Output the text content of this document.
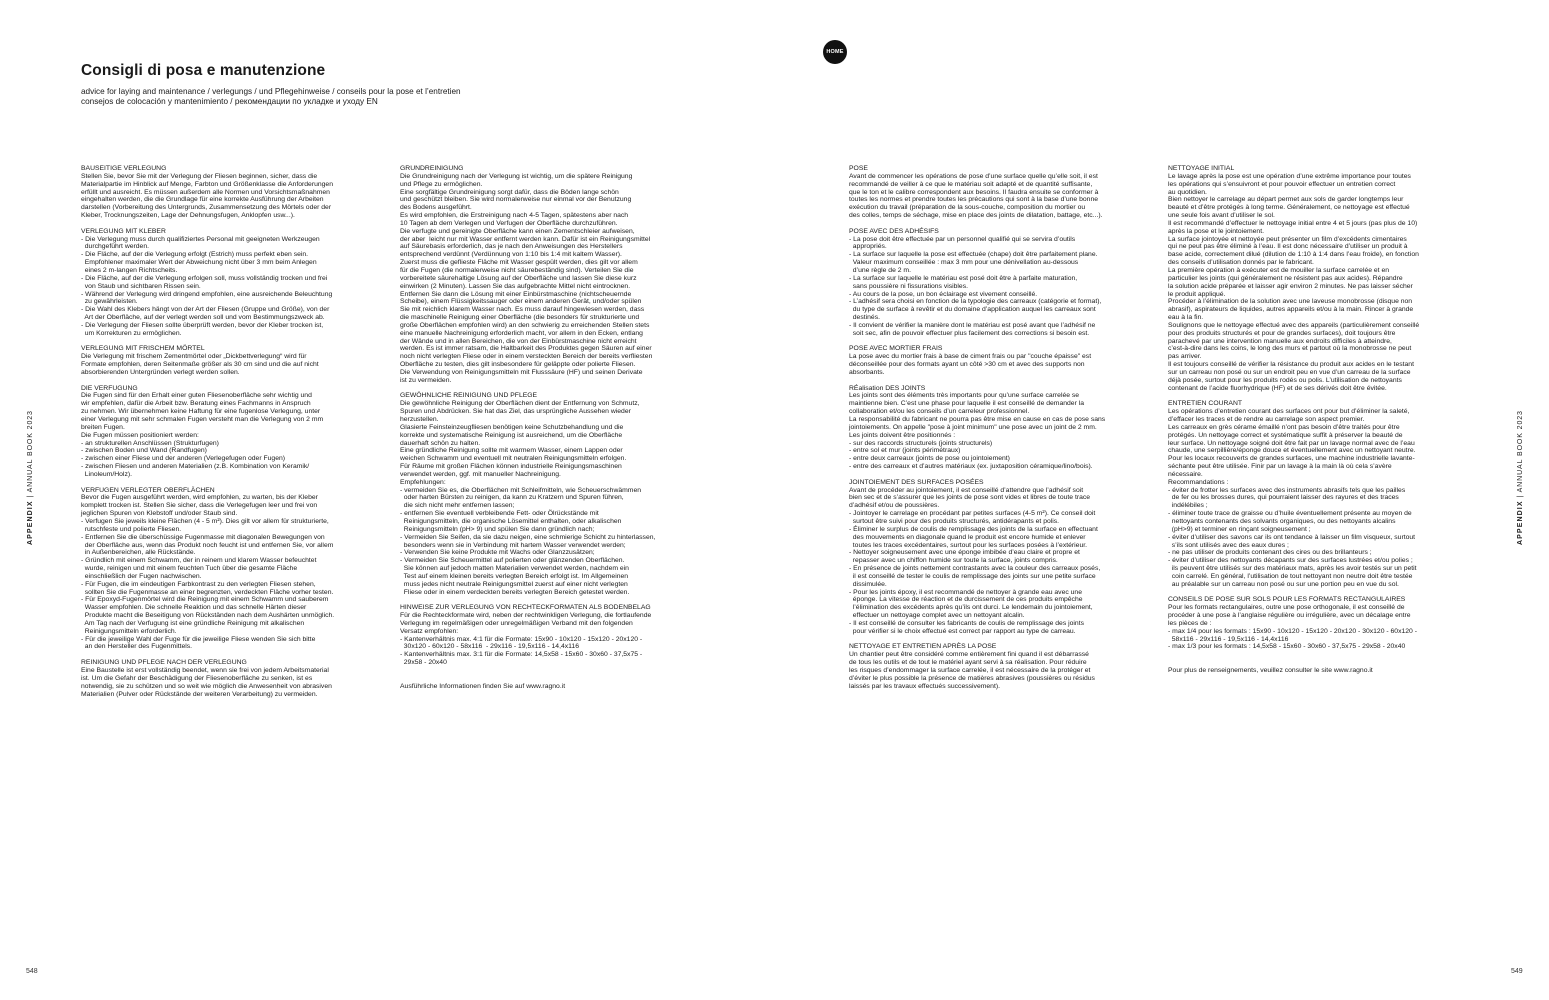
HOME
Consigli di posa e manutenzione
advice for laying and maintenance / verlegungs / und Pflegehinweise / conseils pour la pose et l’entretien
consejos de colocación y mantenimiento / рекомендации по укладке и уходу EN
BAUSEITIGE VERLEGUNG
Stellen Sie, bevor Sie mit der Verlegung der Fliesen beginnen, sicher, dass die
Materialpartie im Hinblick auf Menge, Farbton und Größenklasse die Anforderungen
erfüllt und ausreicht. Es müssen außerdem alle Normen und Vorsichtsmaßnahmen
eingehalten werden, die die Grundlage für eine korrekte Ausführung der Arbeiten
darstellen (Vorbereitung des Untergrunds, Zusammensetzung des Mörtels oder der
Kleber, Trocknungszeiten, Lage der Dehnungsfugen, Anklopfen usw...).
VERLEGUNG MIT KLEBER
- Die Verlegung muss durch qualifiziertes Personal mit geeigneten Werkzeugen
durchgeführt werden.
- Die Fläche, auf der die Verlegung erfolgt (Estrich) muss perfekt eben sein.
Empfohlener maximaler Wert der Abweichung nicht über 3 mm beim Anlegen
eines 2 m-langen Richtscheits.
- Die Fläche, auf der die Verlegung erfolgen soll, muss vollständig trocken und frei
von Staub und sichtbaren Rissen sein.
- Während der Verlegung wird dringend empfohlen, eine ausreichende Beleuchtung
zu gewährleisten.
- Die Wahl des Klebers hängt von der Art der Fliesen (Gruppe und Größe), von der
Art der Oberfläche, auf der verlegt werden soll und vom Bestimmungszweck ab.
- Die Verlegung der Fliesen sollte überprüft werden, bevor der Kleber trocken ist,
um Korrekturen zu ermöglichen.
VERLEGUNG MIT FRISCHEM MÖRTEL
Die Verlegung mit frischem Zementmörtel oder „Dickbettverlegung“ wird für
Formate empfohlen, deren Seitenmaße größer als 30 cm sind und die auf nicht
absorbierenden Untergründen verlegt werden sollen.
DIE VERFUGUNG
Die Fugen sind für den Erhalt einer guten Fliesenoberfläche sehr wichtig und
wir empfehlen, dafür die Arbeit bzw. Beratung eines Fachmanns in Anspruch
zu nehmen. Wir übernehmen keine Haftung für eine fugenlose Verlegung, unter
einer Verlegung mit sehr schmalen Fugen versteht man die Verlegung von 2 mm
breiten Fugen.
Die Fugen müssen positioniert werden:
- an strukturellen Anschlüssen (Strukturfugen)
- zwischen Boden und Wand (Randfugen)
- zwischen einer Fliese und der anderen (Verlegefugen oder Fugen)
- zwischen Fliesen und anderen Materialien (z.B. Kombination von Keramik/
Linoleum/Holz).
VERFUGEN VERLEGTER OBERFLÄCHEN
Bevor die Fugen ausgeführt werden, wird empfohlen, zu warten, bis der Kleber
komplett trocken ist. Stellen Sie sicher, dass die Verlegefugen leer und frei von
jeglichen Spuren von Klebstoff und/oder Staub sind.
- Verfugen Sie jeweils kleine Flächen (4 - 5 m²). Dies gilt vor allem für strukturierte,
rutschfeste und polierte Fliesen.
- Entfernen Sie die überschüssige Fugenmasse mit diagonalen Bewegungen von
der Oberfläche aus, wenn das Produkt noch feucht ist und entfernen Sie, vor allem
in Außenbereichen, alle Rückstände.
- Gründlich mit einem Schwamm, der in reinem und klarem Wasser befeuchtet
wurde, reinigen und mit einem feuchten Tuch über die gesamte Fläche
einschließlich der Fugen nachwischen.
- Für Fugen, die im eindeutigen Farbkontrast zu den verlegten Fliesen stehen,
sollten Sie die Fugenmasse an einer begrenzten, verdeckten Fläche vorher testen.
- Für Epoxyd-Fugenmörtel wird die Reinigung mit einem Schwamm und sauberem
Wasser empfohlen. Die schnelle Reaktion und das schnelle Härten dieser
Produkte macht die Beseitigung von Rückständen nach dem Aushärten unmöglich.
Am Tag nach der Verfugung ist eine gründliche Reinigung mit alkalischen
Reinigungsmitteln erforderlich.
- Für die jeweilige Wahl der Fuge für die jeweilige Fliese wenden Sie sich bitte
an den Hersteller des Fugenmittels.
REINIGUNG UND PFLEGE NACH DER VERLEGUNG
Eine Baustelle ist erst vollständig beendet, wenn sie frei von jedem Arbeitsmaterial
ist. Um die Gefahr der Beschädigung der Fliesenoberfläche zu senken, ist es
notwendig, sie zu schützen und so weit wie möglich die Anwesenheit von abrasiven
Materialien (Pulver oder Rückstände der weiteren Verarbeitung) zu vermeiden.
GRUNDREINIGUNG
Die Grundreinigung nach der Verlegung ist wichtig, um die spätere Reinigung
und Pflege zu ermöglichen.
Eine sorgfältige Grundreinigung sorgt dafür, dass die Böden lange schön
und geschützt bleiben. Sie wird normalerweise nur einmal vor der Benutzung
des Bodens ausgeführt.
Es wird empfohlen, die Erstreinigung nach 4-5 Tagen, spätestens aber nach
10 Tagen ab dem Verlegen und Verfugen der Oberfläche durchzuführen.
Die verfugte und gereinigte Oberfläche kann einen Zementschleier aufweisen,
der aber  leicht nur mit Wasser entfernt werden kann. Dafür ist ein Reinigungsmittel
auf Säurebasis erforderlich, das je nach den Anweisungen des Herstellers
entsprechend verdünnt (Verdünnung von 1:10 bis 1:4 mit kaltem Wasser).
Zuerst muss die geflieste Fläche mit Wasser gespült werden, dies gilt vor allem
für die Fugen (die normalerweise nicht säurebeständig sind). Verteilen Sie die
vorbereitete säurehaltige Lösung auf der Oberfläche und lassen Sie diese kurz
einwirken (2 Minuten). Lassen Sie das aufgebrachte Mittel nicht eintrocknen.
Entfernen Sie dann die Lösung mit einer Einbürstmaschine (nichtscheuernde
Scheibe), einem Flüssigkeitssauger oder einem anderen Gerät, und/oder spülen
Sie mit reichlich klarem Wasser nach. Es muss darauf hingewiesen werden, dass
die maschinelle Reinigung einer Oberfläche (die besonders für strukturierte und
große Oberflächen empfohlen wird) an den schwierig zu erreichenden Stellen stets
eine manuelle Nachreinigung erforderlich macht, vor allem in den Ecken, entlang
der Wände und in allen Bereichen, die von der Einbürstmaschine nicht erreicht
werden. Es ist immer ratsam, die Haltbarkeit des Produktes gegen Säuren auf einer
noch nicht verlegten Fliese oder in einem versteckten Bereich der bereits verfliesten
Oberfläche zu testen, dies gilt insbesondere für geläppte oder polierte Fliesen.
Die Verwendung von Reinigungsmitteln mit Flusssäure (HF) und seinen Derivate
ist zu vermeiden.
GEWÖHNLICHE REINIGUNG UND PFLEGE
Die gewöhnliche Reinigung der Oberflächen dient der Entfernung von Schmutz,
Spuren und Abdrücken. Sie hat das Ziel, das ursprüngliche Aussehen wieder
herzustellen.
Glasierte Feinsteinzeugfliesen benötigen keine Schutzbehandlung und die
korrekte und systematische Reinigung ist ausreichend, um die Oberfläche
dauerhaft schön zu halten.
Eine gründliche Reinigung sollte mit warmem Wasser, einem Lappen oder
weichen Schwamm und eventuell mit neutralen Reinigungsmitteln erfolgen.
Für Räume mit großen Flächen können industrielle Reinigungsmaschinen
verwendet werden, ggf. mit manueller Nachreinigung.
Empfehlungen:
- vermeiden Sie es, die Oberflächen mit Schleifmitteln, wie Scheuerschwämmen
oder harten Bürsten zu reinigen, da kann zu Kratzern und Spuren führen,
die sich nicht mehr entfernen lassen;
- entfernen Sie eventuell verbleibende Fett- oder Ölrückstände mit
Reinigungsmitteln, die organische Lösemittel enthalten, oder alkalischen
Reinigungsmitteln (pH> 9) und spülen Sie dann gründlich nach;
- Vermeiden Sie Seifen, da sie dazu neigen, eine schmierige Schicht zu hinterlassen,
besonders wenn sie in Verbindung mit hartem Wasser verwendet werden;
- Verwenden Sie keine Produkte mit Wachs oder Glanzzusätzen;
- Vermeiden Sie Scheuermittel auf polierten oder glänzenden Oberflächen.
Sie können auf jedoch matten Materialien verwendet werden, nachdem ein
Test auf einem kleinen bereits verlegten Bereich erfolgt ist. Im Allgemeinen
muss jedes nicht neutrale Reinigungsmittel zuerst auf einer nicht verlegten
Fliese oder in einem verdeckten bereits verlegten Bereich getestet werden.
HINWEISE ZUR VERLEGUNG VON RECHTECKFORMATEN ALS BODENBELAG
Für die Rechteckformate wird, neben der rechtwinkligen Verlegung, die fortlaufende
Verlegung im regelmäßigen oder unregelmäßigen Verband mit den folgenden
Versatz empfohlen:
- Kantenverhältnis max. 4:1 für die Formate: 15x90 - 10x120 - 15x120 - 20x120 -
30x120 - 60x120 - 58x116  - 29x116 - 19,5x116 - 14,4x116
- Kantenverhältnis max. 3:1 für die Formate: 14,5x58 - 15x60 - 30x60 - 37,5x75 -
29x58 - 20x40

Ausführliche Informationen finden Sie auf www.ragno.it
POSE
Avant de commencer les opérations de pose d’une surface quelle qu’elle soit, il est
recommandé de veiller à ce que le matériau soit adapté et de quantité suffisante,
que le ton et le calibre correspondent aux besoins. Il faudra ensuite se conformer à
toutes les normes et prendre toutes les précautions qui sont à la base d’une bonne
exécution du travail (préparation de la sous-couche, composition du mortier ou
des colles, temps de séchage, mise en place des joints de dilatation, battage, etc...).
POSE AVEC DES ADHÉSIFS
- La pose doit être effectuée par un personnel qualifié qui se servira d’outils
appropriés.
- La surface sur laquelle la pose est effectuée (chape) doit être parfaitement plane.
Valeur maximum conseillée : max 3 mm pour une dénivellation au-dessous
d’une règle de 2 m.
- La surface sur laquelle le matériau est posé doit être à parfaite maturation,
sans poussière ni fissurations visibles.
- Au cours de la pose, un bon éclairage est vivement conseillé.
- L’adhésif sera choisi en fonction de la typologie des carreaux (catégorie et format),
du type de surface à revêtir et du domaine d’application auquel les carreaux sont
destinés.
- Il convient de vérifier la manière dont le matériau est posé avant que l’adhésif ne
soit sec, afin de pouvoir effectuer plus facilement des corrections si besoin est.
POSE AVEC MORTIER FRAIS
La pose avec du mortier frais à base de ciment frais ou par "couche épaisse" est
déconseillée pour des formats ayant un côté >30 cm et avec des supports non
absorbants.
RÉalisation DES JOINTS
Les joints sont des éléments très importants pour qu’une surface carrelée se
maintienne bien. C’est une phase pour laquelle il est conseillé de demander la
collaboration et/ou les conseils d’un carreleur professionnel.
La responsabilité du fabricant ne pourra pas être mise en cause en cas de pose sans
jointoiements. On appelle "pose à joint minimum" une pose avec un joint de 2 mm.
Les joints doivent être positionnés :
- sur des raccords structurels (joints structurels)
- entre sol et mur (joints périmétraux)
- entre deux carreaux (joints de pose ou jointoiement)
- entre des carreaux et d’autres matériaux (ex. juxtaposition céramique/lino/bois).
JOINTOIEMENT DES SURFACES POSÉES
Avant de procéder au jointoiement, il est conseillé d’attendre que l’adhésif soit
bien sec et de s’assurer que les joints de pose sont vides et libres de toute trace
d’adhésif et/ou de poussières.
- Jointoyer le carrelage en procédant par petites surfaces (4-5 m²). Ce conseil doit
surtout être suivi pour des produits structurés, antidérapants et polis.
- Éliminer le surplus de coulis de remplissage des joints de la surface en effectuant
des mouvements en diagonale quand le produit est encore humide et enlever
toutes les traces excédentaires, surtout pour les surfaces posées à l’extérieur.
- Nettoyer soigneusement avec une éponge imbibée d’eau claire et propre et
repasser avec un chiffon humide sur toute la surface, joints compris.
- En présence de joints nettement contrastants avec la couleur des carreaux posés,
il est conseillé de tester le coulis de remplissage des joints sur une petite surface
dissimulée.
- Pour les joints époxy, il est recommandé de nettoyer à grande eau avec une
éponge. La vitesse de réaction et de durcissement de ces produits empêche
l’élimination des excédents après qu’ils ont durci. Le lendemain du jointoiement,
effectuer un nettoyage complet avec un nettoyant alcalin.
- Il est conseillé de consulter les fabricants de coulis de remplissage des joints
pour vérifier si le choix effectué est correct par rapport au type de carreau.
NETTOYAGE ET ENTRETIEN APRÈS LA POSE
Un chantier peut être considéré comme entièrement fini quand il est débarrassé
de tous les outils et de tout le matériel ayant servi à sa réalisation. Pour réduire
les risques d’endommager la surface carrelée, il est nécessaire de la protéger et
d’éviter le plus possible la présence de matières abrasives (poussières ou résidus
laissés par les travaux effectués successivement).
NETTOYAGE INITIAL
Le lavage après la pose est une opération d’une extrême importance pour toutes
les opérations qui s’ensuivront et pour pouvoir effectuer un entretien correct
au quotidien.
Bien nettoyer le carrelage au départ permet aux sols de garder longtemps leur
beauté et d’être protégés à long terme. Généralement, ce nettoyage est effectué
une seule fois avant d’utiliser le sol.
Il est recommandé d’effectuer le nettoyage initial entre 4 et 5 jours (pas plus de 10)
après la pose et le jointoiement.
La surface jointoyée et nettoyée peut présenter un film d’excédents cimentaires
qui ne peut pas être éliminé à l’eau. Il est donc nécessaire d’utiliser un produit à
base acide, correctement dilué (dilution de 1:10 à 1:4 dans l’eau froide), en fonction
des conseils d’utilisation donnés par le fabricant.
La première opération à exécuter est de mouiller la surface carrelée et en
particulier les joints (qui généralement ne résistent pas aux acides). Répandre
la solution acide préparée et laisser agir environ 2 minutes. Ne pas laisser sécher
le produit appliqué.
Procéder à l’élimination de la solution avec une laveuse monobrosse (disque non
abrasif), aspirateurs de liquides, autres appareils et/ou à la main. Rincer à grande
eau à la fin.
Soulignons que le nettoyage effectué avec des appareils (particulièrement conseillé
pour des produits structurés et pour de grandes surfaces), doit toujours être
parachevé par une intervention manuelle aux endroits difficiles à atteindre,
c’est-à-dire dans les coins, le long des murs et partout où la monobrosse ne peut
pas arriver.
Il est toujours conseillé de vérifier la résistance du produit aux acides en le testant
sur un carreau non posé ou sur un endroit peu en vue d’un carreau de la surface
déjà posée, surtout pour les produits rodés ou polis. L’utilisation de nettoyants
contenant de l’acide fluorhydrique (HF) et de ses dérivés doit être évitée.
ENTRETIEN COURANT
Les opérations d’entretien courant des surfaces ont pour but d’éliminer la saleté,
d’effacer les traces et de rendre au carrelage son aspect premier.
Les carreaux en grès cérame émaillé n’ont pas besoin d’être traités pour être
protégés. Un nettoyage correct et systématique suffit à préserver la beauté de
leur surface. Un nettoyage soigné doit être fait par un lavage normal avec de l’eau
chaude, une serpillière/éponge douce et éventuellement avec un nettoyant neutre.
Pour les locaux recouverts de grandes surfaces, une machine industrielle lavante-
séchante peut être utilisée. Finir par un lavage à la main là où cela s’avère
nécessaire.
Recommandations :
- éviter de frotter les surfaces avec des instruments abrasifs tels que les pailles
de fer ou les brosses dures, qui pourraient laisser des rayures et des traces
indélébiles ;
- éliminer toute trace de graisse ou d’huile éventuellement présente au moyen de
nettoyants contenants des solvants organiques, ou des nettoyants alcalins
(pH>9) et terminer en rinçant soigneusement ;
- éviter d’utiliser des savons car ils ont tendance à laisser un film visqueux, surtout
s’ils sont utilisés avec des eaux dures ;
- ne pas utiliser de produits contenant des cires ou des brillanteurs ;
- éviter d’utiliser des nettoyants décapants sur des surfaces lustrées et/ou polies ;
ils peuvent être utilisés sur des matériaux mats, après les avoir testés sur un petit
coin carrelé. En général, l’utilisation de tout nettoyant non neutre doit être testée
au préalable sur un carreau non posé ou sur une portion peu en vue du sol.
CONSEILS DE POSE SUR SOLS POUR LES FORMATS RECTANGULAIRES
Pour les formats rectangulaires, outre une pose orthogonale, il est conseillé de
procéder à une pose à l’anglaise régulière ou irrégulière, avec un décalage entre
les pièces de :
- max 1/4 pour les formats : 15x90 - 10x120 - 15x120 - 20x120 - 30x120 - 60x120 -
58x116 - 29x116 - 19,5x116 - 14,4x116
- max 1/3 pour les formats : 14,5x58 - 15x60 - 30x60 - 37,5x75 - 29x58 - 20x40

Pour plus de renseignements, veuillez consulter le site www.ragno.it
APPENDIX | ANNUAL BOOK 2023
APPENDIX | ANNUAL BOOK 2023
548	549
